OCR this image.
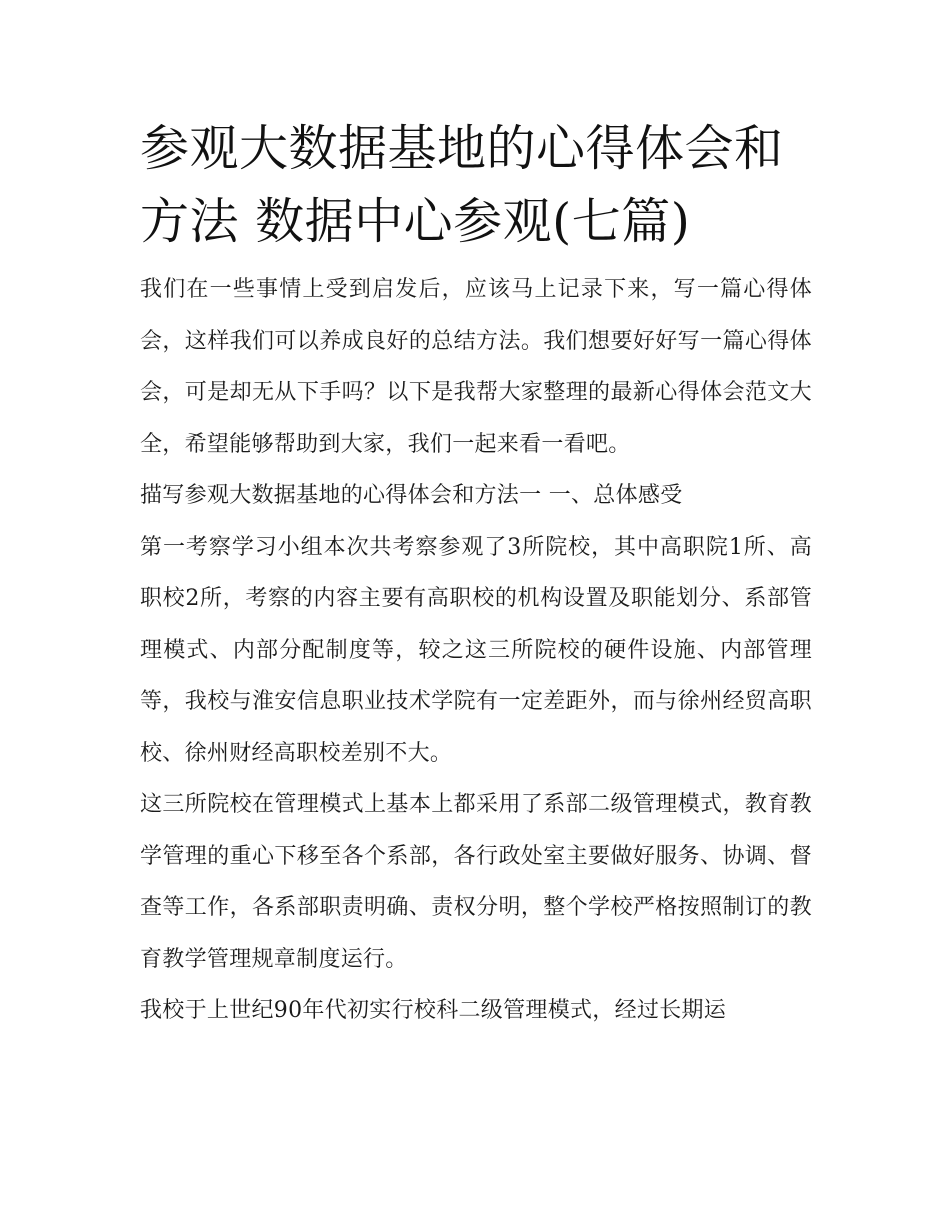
参观大数据基地的心得体会和方法 数据中心参观(七篇)

我们在一些事情上受到启发后，应该马上记录下来，写一篇心得体会，这样我们可以养成良好的总结方法。我们想要好好写一篇心得体会，可是却无从下手吗？以下是我帮大家整理的最新心得体会范文大全，希望能够帮助到大家，我们一起来看一看吧。

描写参观大数据基地的心得体会和方法一 一、总体感受

第一考察学习小组本次共考察参观了3所院校，其中高职院1所、高职校2所，考察的内容主要有高职校的机构设置及职能划分、系部管理模式、内部分配制度等，较之这三所院校的硬件设施、内部管理等，我校与淮安信息职业技术学院有一定差距外，而与徐州经贸高职校、徐州财经高职校差别不大。

这三所院校在管理模式上基本上都采用了系部二级管理模式，教育教学管理的重心下移至各个系部，各行政处室主要做好服务、协调、督查等工作，各系部职责明确、责权分明，整个学校严格按照制订的教育教学管理规章制度运行。

我校于上世纪90年代初实行校科二级管理模式，经过长期运
